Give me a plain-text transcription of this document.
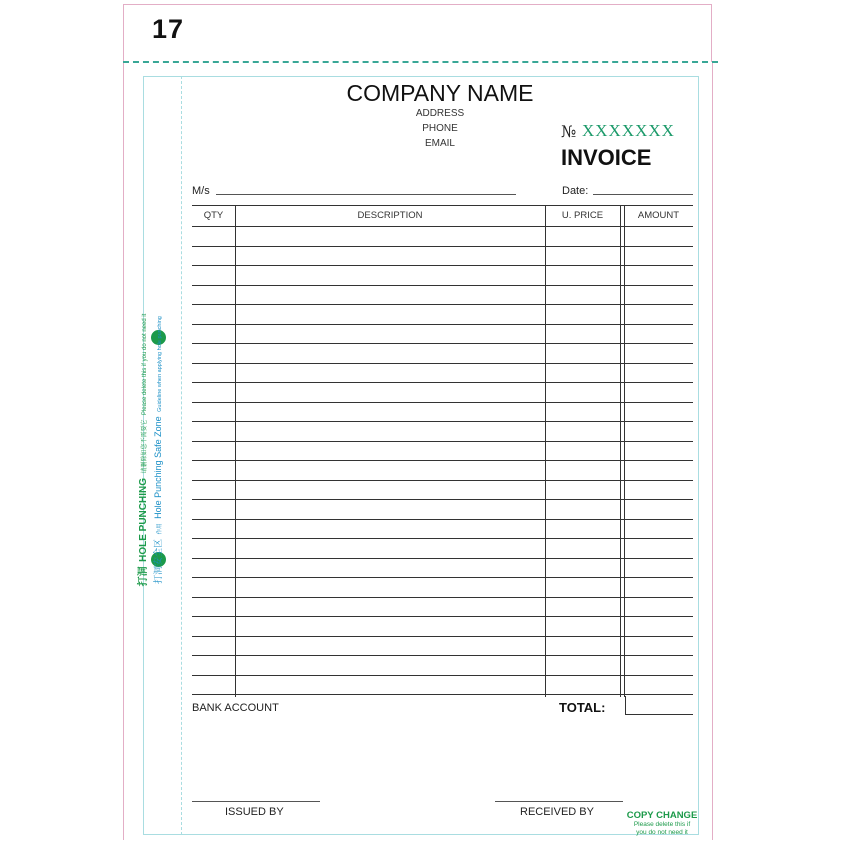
17
COMPANY NAME
ADDRESS
PHONE
EMAIL
№ XXXXXXX
INVOICE
M/s	Date:
QTY	DESCRIPTION	U. PRICE	AMOUNT
BANK ACCOUNT	TOTAL:
ISSUED BY	RECEIVED BY	COPY CHANGE
Please delete this if
you do not need it
打洞 HOLE PUNCHING 请删除如您不需要它 Please delete this if you do not need it
打洞安全区 作用 Hole Punching Safe Zone Guideline when applying hole punching
